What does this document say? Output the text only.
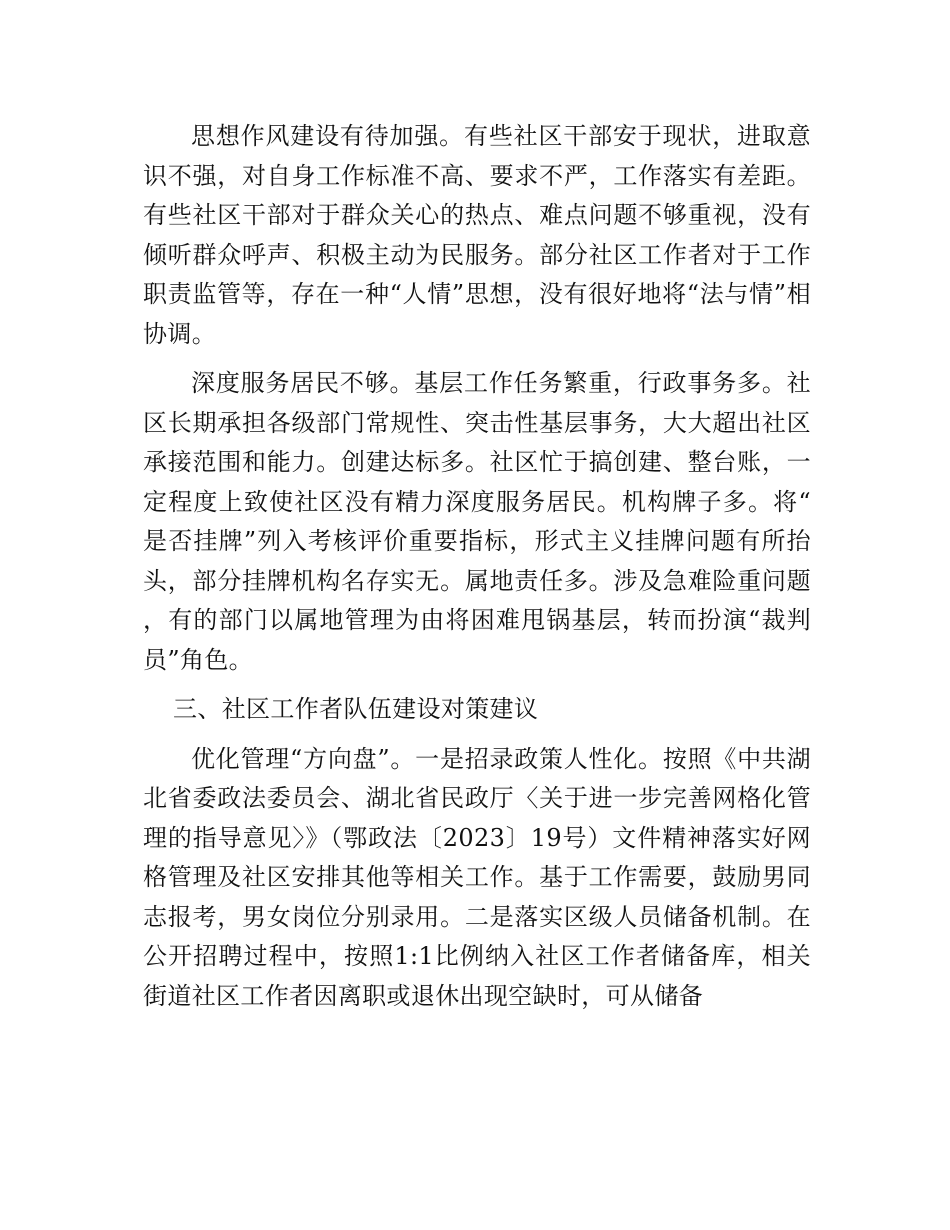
思想作风建设有待加强。有些社区干部安于现状，进取意识不强，对自身工作标准不高、要求不严，工作落实有差距。有些社区干部对于群众关心的热点、难点问题不够重视，没有倾听群众呼声、积极主动为民服务。部分社区工作者对于工作职责监管等，存在一种“人情”思想，没有很好地将“法与情”相协调。

深度服务居民不够。基层工作任务繁重，行政事务多。社区长期承担各级部门常规性、突击性基层事务，大大超出社区承接范围和能力。创建达标多。社区忙于搞创建、整台账，一定程度上致使社区没有精力深度服务居民。机构牌子多。将“是否挂牌”列入考核评价重要指标，形式主义挂牌问题有所抬头，部分挂牌机构名存实无。属地责任多。涉及急难险重问题，有的部门以属地管理为由将困难甩锅基层，转而扮演“裁判员”角色。

三、社区工作者队伍建设对策建议

优化管理“方向盘”。一是招录政策人性化。按照《中共湖北省委政法委员会、湖北省民政厅〈关于进一步完善网格化管理的指导意见〉》（鄂政法〔2023〕19号）文件精神落实好网格管理及社区安排其他等相关工作。基于工作需要，鼓励男同志报考，男女岗位分别录用。二是落实区级人员储备机制。在公开招聘过程中，按照1:1比例纳入社区工作者储备库，相关街道社区工作者因离职或退休出现空缺时，可从储备
